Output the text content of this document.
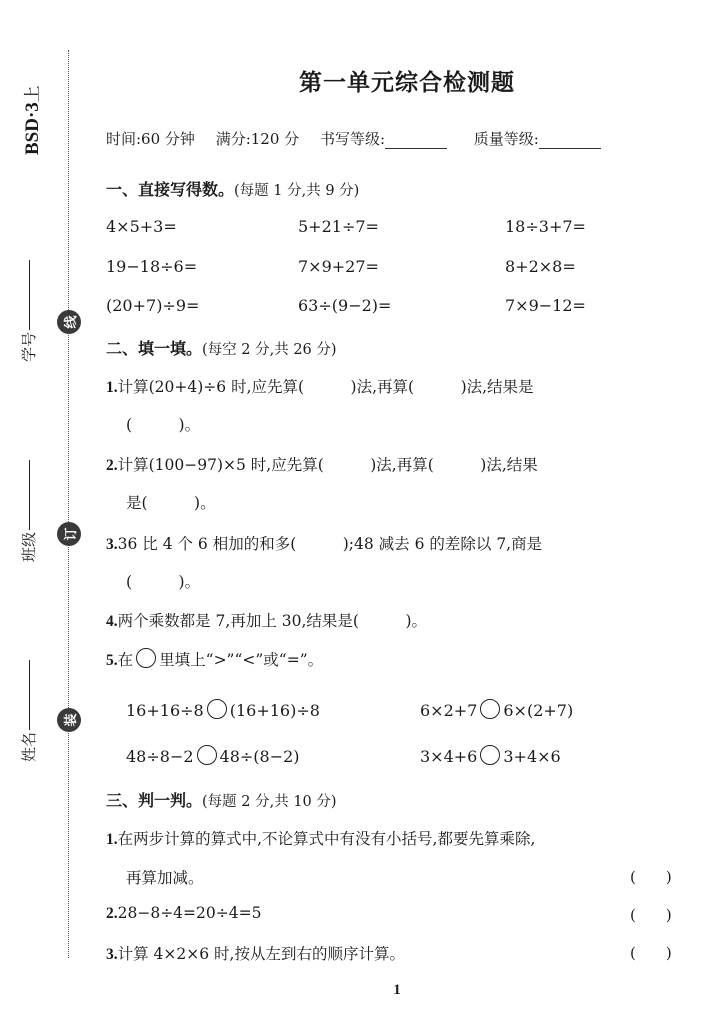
线
订
装
BSD·3上
学号
班级
姓名
第一单元综合检测题
时间:60 分钟 满分:120 分 书写等级:	质量等级:
一、直接写得数。(每题 1 分,共 9 分)
4×5+3=	5+21÷7=	18÷3+7=
19−18÷6=	7×9+27=	8+2×8=
(20+7)÷9=	63÷(9−2)=	7×9−12=
二、填一填。(每空 2 分,共 26 分)
1.计算(20+4)÷6 时,应先算(　　　)法,再算(　　　)法,结果是
(　　　)。
2.计算(100−97)×5 时,应先算(　　　)法,再算(　　　)法,结果
是(　　　)。
3.36 比 4 个 6 相加的和多(　　　);48 减去 6 的差除以 7,商是
(　　　)。
4.两个乘数都是 7,再加上 30,结果是(　　　)。
5.在 里填上“>”“<”或“=”。
16+16÷8 (16+16)÷8	6×2+7 6×(2+7)
48÷8−2 48÷(8−2)	3×4+6 3+4×6
三、判一判。(每题 2 分,共 10 分)
1.在两步计算的算式中,不论算式中有没有小括号,都要先算乘除,
再算加减。	(　　)
2.28−8÷4=20÷4=5	(　　)
3.计算 4×2×6 时,按从左到右的顺序计算。	(　　)
1
